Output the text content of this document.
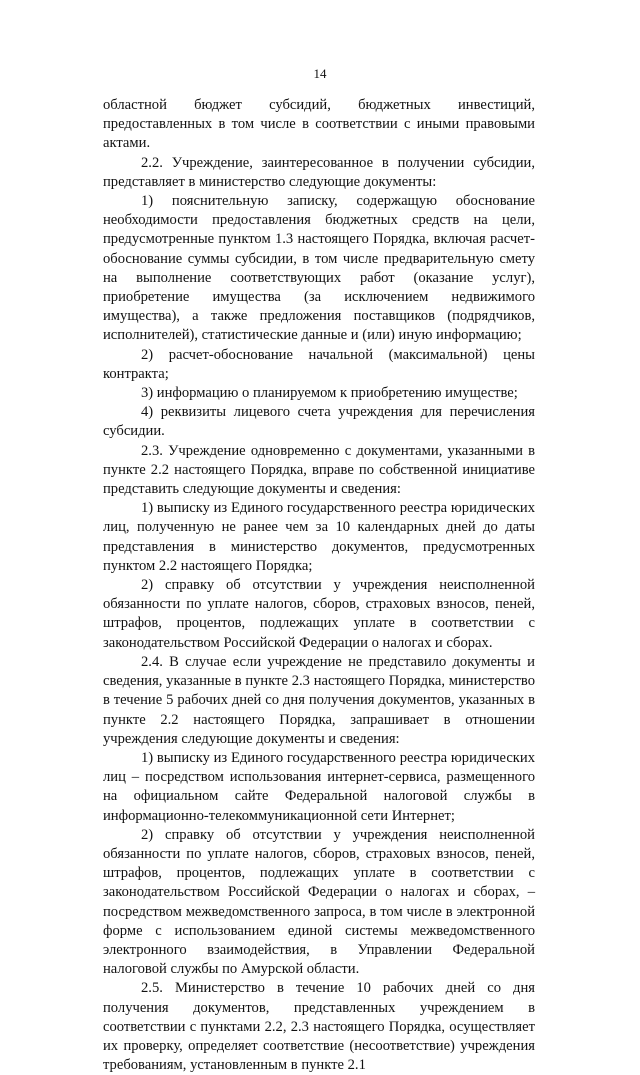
14

областной бюджет субсидий, бюджетных инвестиций, предоставленных в том числе в соответствии с иными правовыми актами.

2.2. Учреждение, заинтересованное в получении субсидии, представляет в министерство следующие документы:

1) пояснительную записку, содержащую обоснование необходимости предоставления бюджетных средств на цели, предусмотренные пунктом 1.3 настоящего Порядка, включая расчет-обоснование суммы субсидии, в том числе предварительную смету на выполнение соответствующих работ (оказание услуг), приобретение имущества (за исключением недвижимого имущества), а также предложения поставщиков (подрядчиков, исполнителей), статистические данные и (или) иную информацию;

2) расчет-обоснование начальной (максимальной) цены контракта;

3) информацию о планируемом к приобретению имуществе;

4) реквизиты лицевого счета учреждения для перечисления субсидии.

2.3. Учреждение одновременно с документами, указанными в пункте 2.2 настоящего Порядка, вправе по собственной инициативе представить следующие документы и сведения:

1) выписку из Единого государственного реестра юридических лиц, полученную не ранее чем за 10 календарных дней до даты представления в министерство документов, предусмотренных пунктом 2.2 настоящего Порядка;

2) справку об отсутствии у учреждения неисполненной обязанности по уплате налогов, сборов, страховых взносов, пеней, штрафов, процентов, подлежащих уплате в соответствии с законодательством Российской Федерации о налогах и сборах.

2.4. В случае если учреждение не представило документы и сведения, указанные в пункте 2.3 настоящего Порядка, министерство в течение 5 рабочих дней со дня получения документов, указанных в пункте 2.2 настоящего Порядка, запрашивает в отношении учреждения следующие документы и сведения:

1) выписку из Единого государственного реестра юридических лиц – посредством использования интернет-сервиса, размещенного на официальном сайте Федеральной налоговой службы в информационно-телекоммуникационной сети Интернет;

2) справку об отсутствии у учреждения неисполненной обязанности по уплате налогов, сборов, страховых взносов, пеней, штрафов, процентов, подлежащих уплате в соответствии с законодательством Российской Федерации о налогах и сборах, – посредством межведомственного запроса, в том числе в электронной форме с использованием единой системы межведомственного электронного взаимодействия, в Управлении Федеральной налоговой службы по Амурской области.

2.5. Министерство в течение 10 рабочих дней со дня получения документов, представленных учреждением в соответствии с пунктами 2.2, 2.3 настоящего Порядка, осуществляет их проверку, определяет соответствие (несоответствие) учреждения требованиям, установленным в пункте 2.1
